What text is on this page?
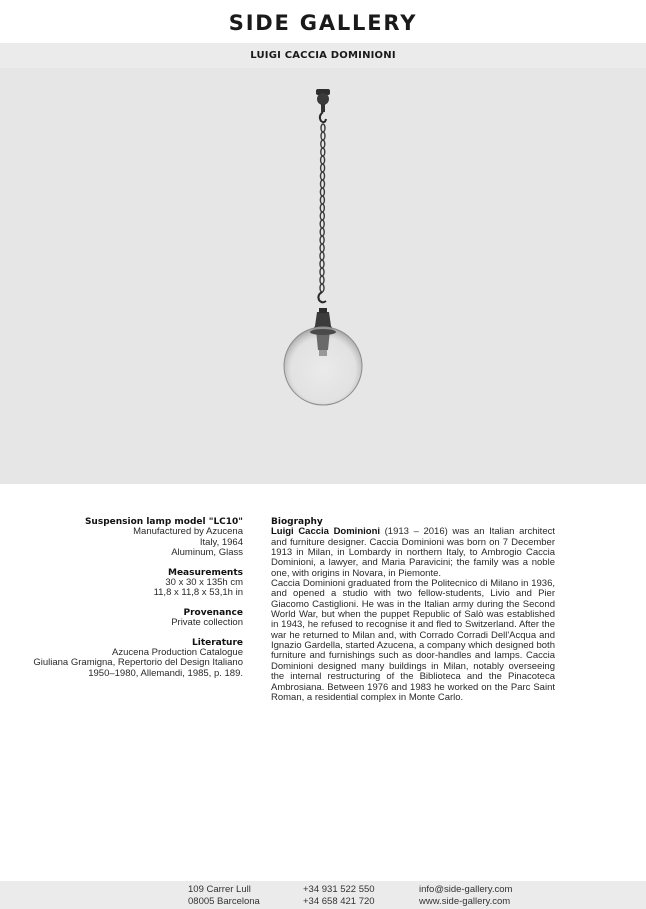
SIDE GALLERY
LUIGI CACCIA DOMINIONI
Suspension lamp model "LC10"
Manufactured by Azucena
Italy, 1964
Aluminum, Glass
Measurements
30 x 30 x 135h cm
11,8 x 11,8 x 53,1h in
Provenance
Private collection
Literature
Azucena Production Catalogue
Giuliana Gramigna, Repertorio del Design Italiano
1950–1980, Allemandi, 1985, p. 189.
Biography

Luigi Caccia Dominioni (1913 – 2016) was an Italian architect and furniture designer. Caccia Dominioni was born on 7 December 1913 in Milan, in Lombardy in northern Italy, to Ambrogio Caccia Dominioni, a lawyer, and Maria Paravicini; the family was a noble one, with origins in Novara, in Piemonte.

Caccia Dominioni graduated from the Politecnico di Milano in 1936, and opened a studio with two fellow-students, Livio and Pier Giacomo Castiglioni. He was in the Italian army during the Second World War, but when the puppet Republic of Salò was established in 1943, he refused to recognise it and fled to Switzerland. After the war he returned to Milan and, with Corrado Corradi Dell'Acqua and Ignazio Gardella, started Azucena, a company which designed both furniture and furnishings such as door-handles and lamps. Caccia Dominioni designed many buildings in Milan, notably overseeing the internal restructuring of the Biblioteca and the Pinacoteca Ambrosiana. Between 1976 and 1983 he worked on the Parc Saint Roman, a residential complex in Monte Carlo.

109 Carrer Lull
08005 Barcelona
+34 931 522 550
+34 658 421 720
info@side-gallery.com
www.side-gallery.com
